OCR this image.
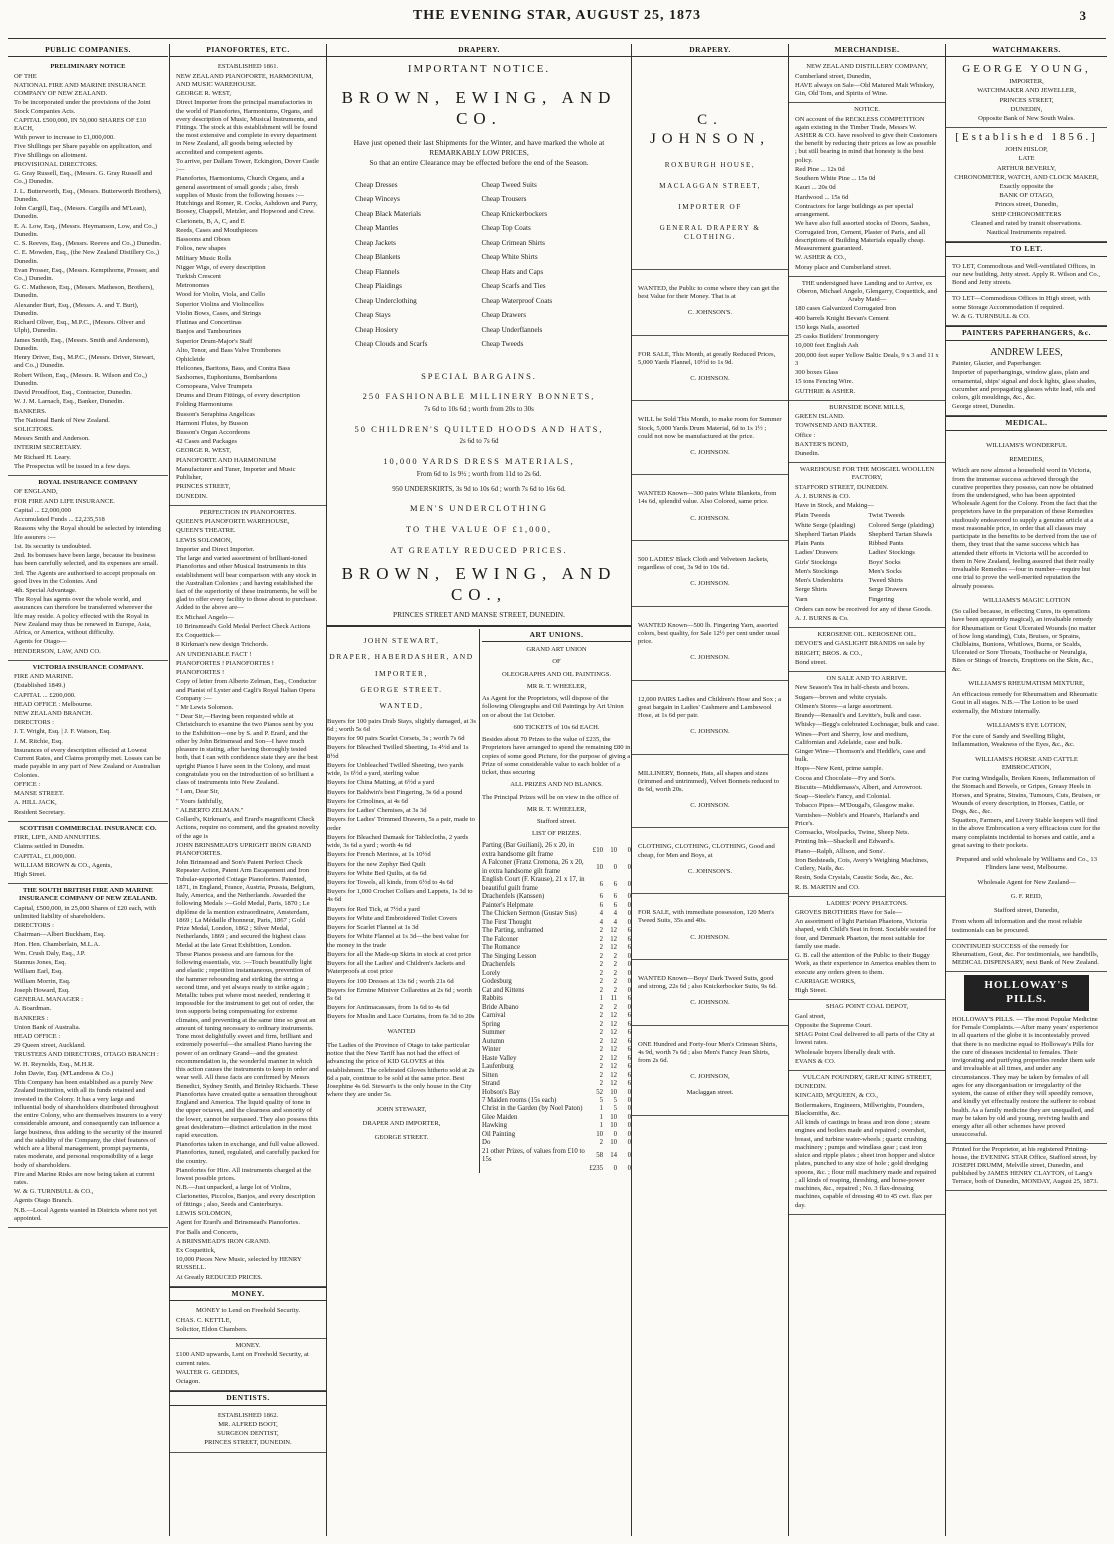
THE EVENING STAR, AUGUST 25, 1873	3
PUBLIC COMPANIES.

PRELIMINARY NOTICE

OF THE

NATIONAL FIRE AND MARINE INSURANCE COMPANY OF NEW ZEALAND.

To be incorporated under the provisions of the Joint Stock Companies Acts.

CAPITAL £500,000, IN 50,000 SHARES OF £10 EACH,

With power to increase to £1,000,000.

Five Shillings per Share payable on application, and Five Shillings on allotment.

PROVISIONAL DIRECTORS.

G. Gray Russell, Esq., (Messrs. G. Gray Russell and Co.,) Dunedin.

J. L. Butterworth, Esq., (Messrs. Butterworth Brothers), Dunedin.

John Cargill, Esq., (Messrs. Cargills and M'Lean), Dunedin.

E. A. Low, Esq., (Messrs. Heymanson, Low, and Co.,) Dunedin.

C. S. Reeves, Esq., (Messrs. Reeves and Co.,) Dunedin.

C. E. Mowden, Esq., (the New Zealand Distillery Co.,) Dunedin.

Evan Prosser, Esq., (Messrs. Kempthorne, Prosser, and Co.,) Dunedin.

G. C. Matheson, Esq., (Messrs. Matheson, Brothers), Dunedin.

Alexander Burt, Esq., (Messrs. A. and T. Burt), Dunedin.

Richard Oliver, Esq., M.P.C., (Messrs. Oliver and Ulph), Dunedin.

James Smith, Esq., (Messrs. Smith and Andersom), Dunedin.

Henry Driver, Esq., M.P.C., (Messrs. Driver, Stewart, and Co.,) Dunedin.

Robert Wilson, Esq., (Messrs. R. Wilson and Co.,) Dunedin.

David Proudfoot, Esq., Contractor, Dunedin.

W. J. M. Larnach, Esq., Banker, Dunedin.

BANKERS.

The National Bank of New Zealand.

SOLICITORS.

Messrs Smith and Anderson.

INTERIM SECRETARY.

Mr Richard H. Leary.

The Prospectus will be issued in a few days.

ROYAL INSURANCE COMPANY

OF ENGLAND,

FOR FIRE AND LIFE INSURANCE.

Capital ... £2,000,000

Accumulated Funds ... £2,235,518

Reasons why the Royal should be selected by intending life assurers :—

1st. Its security is undoubted.

2nd. Its bonuses have been large, because its business has been carefully selected, and its expenses are small.

3rd. The Agents are authorised to accept proposals on good lives in the Colonies. And

4th. Special Advantage.

The Royal has agents over the whole world, and assurances can therefore be transferred wherever the life may reside. A policy effected with the Royal in New Zealand may thus be renewed in Europe, Asia, Africa, or America, without difficulty.

Agents for Otago—

HENDERSON, LAW, AND CO.

VICTORIA INSURANCE COMPANY.

FIRE AND MARINE.

(Established 1849.)

CAPITAL ... £200,000.

HEAD OFFICE : Melbourne.

NEW ZEALAND BRANCH.

DIRECTORS :

J. T. Wright, Esq. | J. F. Watson, Esq.

J. M. Ritchie, Esq.

Insurances of every description effected at Lowest Current Rates, and Claims promptly met. Losses can be made payable in any part of New Zealand or Australian Colonies.

OFFICE :

MANSE STREET.

A. HILL JACK,

Resident Secretary.

SCOTTISH COMMERCIAL INSURANCE CO.

FIRE, LIFE, AND ANNUITIES.

Claims settled in Dunedin.

CAPITAL, £1,000,000.

WILLIAM BROWN & CO., Agents,

High Street.

THE SOUTH BRITISH FIRE AND MARINE INSURANCE COMPANY OF NEW ZEALAND.

Capital, £500,000, in 25,000 Shares of £20 each, with unlimited liability of shareholders.

DIRECTORS :

Chairman—Albert Buckham, Esq.

Hon. Hen. Chamberlain, M.L.A.

Wm. Crush Daly, Esq., J.P.

Stannus Jones, Esq.

William Earl, Esq.

William Morrin, Esq.

Joseph Howard, Esq.

GENERAL MANAGER :

A. Boardman.

BANKERS :

Union Bank of Australia.

HEAD OFFICE :

29 Queen street, Auckland.

TRUSTEES AND DIRECTORS, OTAGO BRANCH :

W. H. Reynolds, Esq., M.H.R.

John Davie, Esq. (M'Landress & Co.)

This Company has been established as a purely New Zealand institution, with all its funds retained and invested in the Colony. It has a very large and influential body of shareholders distributed throughout the entire Colony, who are themselves insurers to a very considerable amount, and consequently can influence a large business, thus adding to the security of the insured and the stability of the Company, the chief features of which are a liberal management, prompt payments, rates moderate, and personal responsibility of a large body of shareholders.

Fire and Marine Risks are now being taken at current rates.

W. & G. TURNBULL & CO.,

Agents Otago Branch.

N.B.—Local Agents wanted in Districts where not yet appointed.

PIANOFORTES, ETC.

ESTABLISHED 1861.

NEW ZEALAND PIANOFORTE, HARMONIUM, AND MUSIC WAREHOUSE.

GEORGE R. WEST,

Direct Importer from the principal manufactories in the world of Pianofortes, Harmoniums, Organs, and every description of Music, Musical Instruments, and Fittings. The stock at this establishment will be found the most extensive and complete in every department in New Zealand, all goods being selected by accredited and competent agents.

To arrive, per Dallam Tower, Eckington, Dover Castle :—

Pianofortes, Harmoniums, Church Organs, and a general assortment of small goods ; also, fresh supplies of Music from the following houses :—Hutchings and Romer, R. Cocks, Ashdown and Parry, Boosey, Chappell, Metzler, and Hopwood and Crew.

Clarionets, B, A, C, and E

Reeds, Cases and Mouthpieces

Bassoons and Oboes

Folios, new shapes

Military Music Rolls

Nigger Wigs, of every description

Turkish Crescent

Metronomes

Wood for Violin, Viola, and Cello

Superior Violins and Violincellos

Violin Bows, Cases, and Strings

Flutinas and Concertinas

Banjos and Tambourines

Superior Drum-Major's Staff

Alto, Tenor, and Bass Valve Trombones

Ophicleide

Helicones, Baritons, Bass, and Contra Bass Saxhornes, Euphoniums, Bombardons

Cornopeans, Valve Trumpets

Drums and Drum Fittings, of every description

Folding Harmoniums

Busson's Seraphina Angelicas

Harmoni Flutes, by Busson

Busson's Organ Accordeons

42 Cases and Packages

GEORGE R. WEST,

PIANOFORTE AND HARMONIUM

Manufacturer and Tuner, Importer and Music Publisher,

PRINCES STREET,

DUNEDIN.

PERFECTION IN PIANOFORTES.

QUEEN'S PIANOFORTE WAREHOUSE,

QUEEN'S THEATRE.

LEWIS SOLOMON,

Importer and Direct Importer.

The large and varied assortment of brilliant-toned Pianofortes and other Musical Instruments in this establishment will bear comparison with any stock in the Australian Colonies ; and having established the fact of the superiority of these instruments, he will be glad to offer every facility to those about to purchase. Added to the above are—

Ex Michael Angelo—

10 Brinsmead's Gold Medal Perfect Check Actions

Ex Coquettick—

8 Kirkman's new design Trichords.

AN UNDENIABLE FACT !

PIANOFORTES ! PIANOFORTES !

PIANOFORTES !

Copy of letter from Alberto Zelman, Esq., Conductor and Pianist of Lyster and Cagli's Royal Italian Opera Company :—

" Mr Lewis Solomon.

" Dear Sir,—Having been requested while at Christchurch to examine the two Pianos sent by you to the Exhibition—one by S. and P. Erard, and the other by John Brinsmead and Son—I have much pleasure in stating, after having thoroughly tested both, that I can with confidence state they are the best upright Pianos I have seen in the Colony, and must congratulate you on the introduction of so brilliant a class of instruments into New Zealand.

" I am, Dear Sir,

" Yours faithfully,

" ALBERTO ZELMAN."

Collard's, Kirkman's, and Erard's magnificent Check Actions, require no comment, and the greatest novelty of the age is

JOHN BRINSMEAD'S UPRIGHT IRON GRAND PIANOFORTES.

John Brinsmead and Son's Patent Perfect Check Repeater Action, Patent Arm Escapement and Iron Tubular-supported Cottage Pianofortes. Patented, 1871, in England, France, Austria, Prussia, Belgium, Italy, America, and the Netherlands. Awarded the following Medals :—Gold Medal, Paris, 1870 ; Le diplôme de la mention extraordinaire, Amsterdam, 1869 ; La Médaille d'honneur, Paris, 1867 ; Gold Prize Medal, London, 1862 ; Silver Medal, Netherlands, 1869 ; and secured the highest class Medal at the late Great Exhibition, London.

These Pianos possess and are famous for the following essentials, viz. :—Touch beautifully light and elastic ; repetition instantaneous, prevention of the hammer rebounding and striking the string a second time, and yet always ready to strike again ; Metallic tubes put where most needed, rendering it impossible for the instrument to get out of order, the iron supports being compensating for extreme climates, and preventing at the same time so great an amount of tuning necessary to ordinary instruments. Tone most delightfully sweet and firm, brilliant and extremely powerful—the smallest Piano having the power of an ordinary Grand—and the greatest recommendation is, the wonderful manner in which this action causes the instruments to keep in order and wear well. All these facts are confirmed by Messrs Benedict, Sydney Smith, and Brinley Richards. These Pianofortes have created quite a sensation throughout England and America. The liquid quality of tone in the upper octaves, and the clearness and sonority of the lower, cannot be surpassed. They also possess this great desideratum—distinct articulation in the most rapid execution.

Pianofortes taken in exchange, and full value allowed. Pianofortes, tuned, regulated, and carefully packed for the country.

Pianofortes for Hire. All instruments charged at the lowest possible prices.

N.B.—Just unpacked, a large lot of Violins, Clarionettes, Piccolos, Banjos, and every description of fittings ; also, Seeds and Canterburys.

LEWIS SOLOMON,

Agent for Erard's and Brinsmead's Pianofortes.

For Balls and Concerts,

A BRINSMEAD'S IRON GRAND.

Ex Coquettick,

10,000 Pieces New Music, selected by HENRY RUSSELL.

At Greatly REDUCED PRICES.

MONEY.

MONEY to Lend on Freehold Security.

CHAS. C. KETTLE,

Solicitor, Eldon Chambers.

MONEY.

£100 AND upwards, Lent on Freehold Security, at current rates.

WALTER G. GEDDES,

Octagon.

DENTISTS.

ESTABLISHED 1862.

MR. ALFRED BOOT,

SURGEON DENTIST,

PRINCES STREET, DUNEDIN.

DRAPERY.
IMPORTANT NOTICE.
BROWN, EWING, AND CO.

Have just opened their last Shipments for the Winter, and have marked the whole at

REMARKABLY LOW PRICES,

So that an entire Clearance may be effected before the end of the Season.

Cheap Dresses
Cheap Winceys
Cheap Black Materials
Cheap Mantles
Cheap Jackets
Cheap Blankets
Cheap Flannels
Cheap Plaidings
Cheap Underclothing
Cheap Stays
Cheap Hosiery
Cheap Clouds and Scarfs
Cheap Tweed Suits
Cheap Trousers
Cheap Knickerbockers
Cheap Top Coats
Cheap Crimean Shirts
Cheap White Shirts
Cheap Hats and Caps
Cheap Scarfs and Ties
Cheap Waterproof Coats
Cheap Drawers
Cheap Underflannels
Cheap Tweeds

SPECIAL BARGAINS.

250 FASHIONABLE MILLINERY BONNETS,

7s 6d to 10s 6d ; worth from 20s to 30s

50 CHILDREN'S QUILTED HOODS AND HATS,

2s 6d to 7s 6d

10,000 YARDS DRESS MATERIALS,

From 6d to 1s 9½ ; worth from 11d to 2s 6d.

950 UNDERSKIRTS, 3s 9d to 10s 6d ; worth 7s 6d to 16s 6d.

MEN'S UNDERCLOTHING

TO THE VALUE OF £1,000,

AT GREATLY REDUCED PRICES.

BROWN, EWING, AND CO.,
PRINCES STREET AND MANSE STREET, DUNEDIN.

JOHN STEWART,

DRAPER, HABERDASHER, AND

IMPORTER,

GEORGE STREET.

WANTED,

Buyers for 100 pairs Drab Stays, slightly damaged, at 3s 6d ; worth 5s 6d

Buyers for 90 pairs Scarlet Corsets, 3s ; worth 7s 6d

Buyers for Bleached Twilled Sheeting, 1s 4½d and 1s 8½d

Buyers for Unbleached Twilled Sheeting, two yards wide, 1s 6½d a yard, sterling value

Buyers for China Matting, at 6½d a yard

Buyers for Baldwin's best Fingering, 3s 6d a pound

Buyers for Crinolines, at 4s 6d

Buyers for Ladies' Chemises, at 3s 3d

Buyers for Ladies' Trimmed Drawers, 5s a pair, made to order

Buyers for Bleached Damask for Tablecloths, 2 yards wide, 3s 6d a yard ; worth 4s 6d

Buyers for French Merinos, at 1s 10½d

Buyers for the new Zephyr Bed Quilt

Buyers for White Bed Quilts, at 6s 6d

Buyers for Towels, all kinds, from 6½d to 4s 6d

Buyers for 1,000 Crochet Collars and Lappets, 1s 3d to 4s 6d

Buyers for Red Tick, at 7½d a yard

Buyers for White and Embroidered Toilet Covers

Buyers for Scarlet Flannel at 1s 3d

Buyers for White Flannel at 1s 3d—the best value for the money in the trade

Buyers for all the Made-up Skirts in stock at cost price

Buyers for all the Ladies' and Children's Jackets and Waterproofs at cost price

Buyers for 100 Dresses at 13s 6d ; worth 21s 6d

Buyers for Ermine Miniver Collarettes at 2s 6d ; worth 5s 6d

Buyers for Antimacassars, from 1s 6d to 4s 6d

Buyers for Muslin and Lace Curtains, from 6s 3d to 20s

WANTED

The Ladies of the Province of Otago to take particular notice that the New Tariff has not had the effect of advancing the price of KID GLOVES at this establishment. The celebrated Gloves hitherto sold at 2s 6d a pair, continue to be sold at the same price. Best Josephine 4s 6d. Stewart's is the only house in the City where they are under 5s.

JOHN STEWART,

DRAPER AND IMPORTER,

GEORGE STREET.

ART UNIONS.

GRAND ART UNION

OF

OLEOGRAPHS AND OIL PAINTINGS.

MR R. T. WHEELER,

As Agent for the Proprietors, will dispose of the following Oleographs and Oil Paintings by Art Union on or about the 1st October.

600 TICKETS of 10s 6d EACH.

Besides about 70 Prizes to the value of £235, the Proprietors have arranged to spend the remaining £80 in copies of some good Picture, for the purpose of giving a Prize of some considerable value to each holder of a ticket, thus securing

ALL PRIZES AND NO BLANKS.

The Principal Prizes will be on view in the office of

MR R. T. WHEELER,

Stafford street.

LIST OF PRIZES.

Parting (Bar Guiliani), 26 x 20, in extra handsome gilt frame	£10	10	0
A Falconer (Franz Cremona, 26 x 20, in extra handsome gilt frame	10	0	0
English Court (F. Krause), 21 x 17, in beautiful guilt frame	6	6	0
Drachenfels (Kanssen)	6	6	0
Painter's Helpmate	6	6	0
The Chicken Sermon (Gustav Sus)	4	4	0
The First Thought	4	4	0
The Parting, unframed	2	12	6
The Falconer	2	12	6
The Romance	2	12	6
The Singing Lesson	2	2	0
Drachenfels	2	2	0
Lorely	2	2	0
Godesburg	2	2	0
Cat and Kittens	2	2	0
Rabbits	1	11	6
Bride Albano	2	2	0
Carnival	2	12	6
Spring	2	12	6
Summer	2	12	6
Autumn	2	12	6
Winter	2	12	6
Haste Valley	2	12	6
Laufenburg	2	12	6
Sitten	2	12	6
Strand	2	12	6
Hobson's Bay	52	10	0
7 Maiden rooms (15s each)	5	5	0
Christ in the Garden (by Noel Paton)	1	5	0
Glee Maiden	1	10	0
Hawking	1	10	0
Oil Painting	10	0	0
Do	2	10	0
21 other Prizes, of values from £10 to 15s	58	14	0
	£235	0	0
DRAPERY.

C. JOHNSON,

ROXBURGH HOUSE,

MACLAGGAN STREET,

IMPORTER OF

GENERAL DRAPERY & CLOTHING.

WANTED, the Public to come where they can get the best Value for their Money. That is at

C. JOHNSON'S.

FOR SALE, This Month, at greatly Reduced Prices, 5,000 Yards Flannel, 10½d to 1s 9d.

C. JOHNSON.

WILL be Sold This Month, to make room for Summer Stock, 5,000 Yards Drum Material, 6d to 1s 1½ ; could not now be manufactured at the price.

C. JOHNSON.

WANTED Known—300 pairs White Blankets, from 14s 6d, splendid value. Also Colored, same price.

C. JOHNSON.

500 LADIES' Black Cloth and Velveteen Jackets, regardless of cost, 3s 9d to 10s 6d.

C. JOHNSON.

WANTED Known—500 lb. Fingering Yarn, assorted colors, best quality, for Sale 12½ per cent under usual price.

C. JOHNSON.

12,000 PAIRS Ladies and Children's Hose and Sox ; a great bargain in Ladies' Cashmere and Lambswool Hose, at 1s 6d per pair.

C. JOHNSON.

MILLINERY, Bonnets, Hats, all shapes and sizes (trimmed and untrimmed), Velvet Bonnets reduced to 8s 6d, worth 20s.

C. JOHNSON.

CLOTHING, CLOTHING, CLOTHING, Good and cheap, for Men and Boys, at

C. JOHNSON'S.

FOR SALE, with immediate possession, 120 Men's Tweed Suits, 35s and 40s.

C. JOHNSON.

WANTED Known—Boys' Dark Tweed Suits, good and strong, 22s 6d ; also Knickerbocker Suits, 9s 6d.

C. JOHNSON.

ONE Hundred and Forty-four Men's Crimean Shirts, 4s 9d, worth 7s 6d ; also Men's Fancy Jean Shirts, from 2s 6d.

C. JOHNSON,

Maclaggan street.

MERCHANDISE.

NEW ZEALAND DISTILLERY COMPANY,

Cumberland street, Dunedin,

HAVE always on Sale—Old Matured Malt Whiskey, Gin, Old Tom, and Spirits of Wine.

NOTICE.

ON account of the RECKLESS COMPETITION again existing in the Timber Trade, Messrs W. ASHER & CO. have resolved to give their Customers the benefit by reducing their prices as low as possible ; but still bearing in mind that honesty is the best policy.

Red Pine ... 12s 0d

Southern White Pine ... 15s 0d

Kauri ... 20s 0d

Hardwood ... 15s 6d

Contractors for large buildings as per special arrangement.

We have also full assorted stocks of Doors, Sashes, Corrugated Iron, Cement, Plaster of Paris, and all descriptions of Building Materials equally cheap. Measurement guaranteed.

W. ASHER & CO.,

Moray place and Cumberland street.

THE undersigned have Landing and to Arrive, ex Oberon, Michael Angelo, Glengarry, Coquettick, and Araby Maid—

180 cases Galvanized Corrugated Iron

400 barrels Knight Bevan's Cement

150 kegs Nails, assorted

25 casks Builders' Ironmongery

10,000 feet English Ash

200,000 feet super Yellow Baltic Deals, 9 x 3 and 11 x 3

300 boxes Glass

15 tons Fencing Wire.

GUTHRIE & ASHER.

BURNSIDE BONE MILLS,

GREEN ISLAND.

TOWNSEND AND BAXTER.

Office :

BAXTER'S BOND,

Dunedin.

WAREHOUSE FOR THE MOSGIEL WOOLLEN FACTORY,

STAFFORD STREET, DUNEDIN.

A. J. BURNS & CO.

Have in Stock, and Making—

Plain Tweeds

White Serge (plaiding)

Shepherd Tartan Plaids

Plain Pants

Ladies' Drawers

Girls' Stockings

Men's Stockings

Men's Undershirts

Serge Shirts

Yarn

Twist Tweeds

Colored Serge (plaiding)

Shepherd Tartan Shawls

Ribbed Pants

Ladies' Stockings

Boys' Socks

Men's Socks

Tweed Shirts

Serge Drawers

Fingering

Orders can now be received for any of these Goods.

A. J. BURNS & Co.

KEROSENE OIL. KEROSENE OIL.

DEVOE'S and GASLIGHT BRANDS on sale by

BRIGHT, BROS. & CO.,

Bond street.

ON SALE AND TO ARRIVE.

New Season's Tea in half-chests and boxes.

Sugars—brown and white crystals.

Oilmen's Stores—a large assortment.

Brandy—Renault's and Levitte's, bulk and case.

Whisky—Begg's celebrated Lochnagar, bulk and case.

Wines—Port and Sherry, low and medium, Californian and Adelaide, case and bulk.

Ginger Wine—Thomson's and Heddle's, case and bulk.

Hops—New Kent, prime sample.

Cocoa and Chocolate—Fry and Son's.

Biscuits—Middlemass's, Albert, and Arrowroot.

Soap—Steele's Fancy, and Colonial.

Tobacco Pipes—M'Dougal's, Glasgow make.

Varnishes—Noble's and Hoare's, Harland's and Price's.

Cornsacks, Woolpacks, Twine, Sheep Nets.

Printing Ink—Shackell and Edward's.

Piano—Ralph, Allison, and Sons'.

Iron Bedsteads, Cots, Avery's Weighing Machines, Cutlery, Nails, &c.

Resin, Soda Crystals, Caustic Soda, &c., &c.

R. B. MARTIN and CO.

LADIES' PONY PHAETONS.

GROVES BROTHERS Have for Sale—

An assortment of light Parisian Phaetons, Victoria shaped, with Child's Seat in front. Sociable seated for four, and Denmark Phaeton, the most suitable for family use made.

G. B. call the attention of the Public to their Buggy Work, as their experience in America enables them to execute any orders given to them.

CARRIAGE WORKS,

High Street.

SHAG POINT COAL DEPOT,

Gaol street,

Opposite the Supreme Court.

SHAG Point Coal delivered to all parts of the City at lowest rates.

Wholesale buyers liberally dealt with.

EVANS & CO.

VULCAN FOUNDRY, GREAT KING STREET,

DUNEDIN.

KINCAID, M'QUEEN, & CO.,

Boilermakers, Engineers, Millwrights, Founders, Blacksmiths, &c.

All kinds of castings in brass and iron done ; steam engines and boilers made and repaired ; overshot, breast, and turbine water-wheels ; quartz crushing machinery ; pumps and windlass gear ; cast iron sluice and ripple plates ; sheet iron hopper and sluice plates, punched to any size of hole ; gold dredging spoons, &c. ; flour mill machinery made and repaired ; all kinds of reaping, threshing, and horse-power machines, &c., repaired ; No. 3 flax-dressing machines, capable of dressing 40 to 45 cwt. flax per day.

WATCHMAKERS.

GEORGE YOUNG,

IMPORTER,

WATCHMAKER AND JEWELLER,

PRINCES STREET,

DUNEDIN,

Opposite Bank of New South Wales.

[Established 1856.]

JOHN HISLOP,

LATE

ARTHUR BEVERLY,

CHRONOMETER, WATCH, AND CLOCK MAKER,

Exactly opposite the

BANK OF OTAGO,

Princes street, Dunedin,

SHIP CHRONOMETERS

Cleaned and rated by transit observations.

Nautical Instruments repaired.

TO LET.

TO LET, Commodious and Well-ventilated Offices, in our new building, Jetty street. Apply R. Wilson and Co., Bond and Jetty streets.

TO LET—Commodious Offices in High street, with some Storage Accommodation if required.

W. & G. TURNBULL & CO.

PAINTERS PAPERHANGERS, &c.

ANDREW LEES,

Painter, Glazier, and Paperhanger.

Importer of paperhangings, window glass, plain and ornamental, ships' signal and dock lights, glass shades, cucumber and propagating glasses white lead, oils and colors, gilt mouldings, &c., &c.

George street, Dunedin.

MEDICAL.

WILLIAMS'S WONDERFUL

REMEDIES,

Which are now almost a household word in Victoria, from the immense success achieved through the curative properties they possess, can now be obtained from the undersigned, who has been appointed Wholesale Agent for the Colony. From the fact that the proprietors have in the preparation of these Remedies studiously endeavored to supply a genuine article at a most reasonable price, in order that all classes may participate in the benefits to be derived from the use of them, they trust that the same success which has attended their efforts in Victoria will be accorded to them in New Zealand, feeling assured that their really invaluable Remedies —four in number—require but one trial to prove the well-merited reputation the already possess.

WILLIAMS'S MAGIC LOTION

(So called because, in effecting Cures, its operations have been apparently magical), an invaluable remedy for Rheumatism or Gout Ulcerated Wounds (no matter of how long standing), Cuts, Bruises, or Sprains, Chilblains, Bunions, Whitlows, Burns, or Scalds, Ulcerated or Sore Throats, Toothache or Neuralgia, Bites or Stings of Insects, Eruptions on the Skin, &c., &c.

WILLIAMS'S RHEUMATISM MIXTURE,

An efficacious remedy for Rheumatism and Rheumatic Gout in all stages. N.B.—The Lotion to be used externally, the Mixture internally.

WILLIAMS'S EYE LOTION,

For the cure of Sandy and Swelling Blight, Inflammation, Weakness of the Eyes, &c., &c.

WILLIAMS'S HORSE AND CATTLE EMBROCATION,

For curing Windgalls, Broken Knees, Inflammation of the Stomach and Bowels, or Gripes, Greasy Heels in Horses, and Sprains, Strains, Tumours, Cuts, Bruises, or Wounds of every description, in Horses, Cattle, or Dogs, &c., &c.

Squatters, Farmers, and Livery Stable keepers will find in the above Embrocation a very efficacious cure for the many complaints incidental to horses and cattle, and a great saving to their pockets.

Prepared and sold wholesale by Williams and Co., 13 Flinders lane west, Melbourne.

Wholesale Agent for New Zealand—

G. F. REID,

Stafford street, Dunedin,

From whom all information and the most reliable testimonials can be procured.

CONTINUED SUCCESS of the remedy for Rheumatism, Gout, &c. For testimonials, see handbills, MEDICAL DISPENSARY, next Bank of New Zealand.

HOLLOWAY'S PILLS.
HOLLOWAY'S PILLS. — The most Popular Medicine for Female Complaints.—After many years' experience in all quarters of the globe it is incontestably proved that there is no medicine equal to Holloway's Pills for the cure of diseases incidental to females. Their invigorating and purifying properties render them safe and invaluable at all times, and under any circumstances. They may be taken by females of all ages for any disorganisation or irregularity of the system, the cause of either they will speedily remove, and kindly yet effectually restore the sufferer to robust health. As a family medicine they are unequalled, and may be taken by old and young, reviving health and energy after all other schemes have proved unsuccessful.
Printed for the Proprietor, at his registered Printing-house, the EVENING STAR Office, Stafford street, by JOSEPH DRUMM, Melville street, Dunedin, and published by JAMES HENRY CLAYTON, of Lang's Terrace, both of Dunedin, MONDAY, August 25, 1873.
